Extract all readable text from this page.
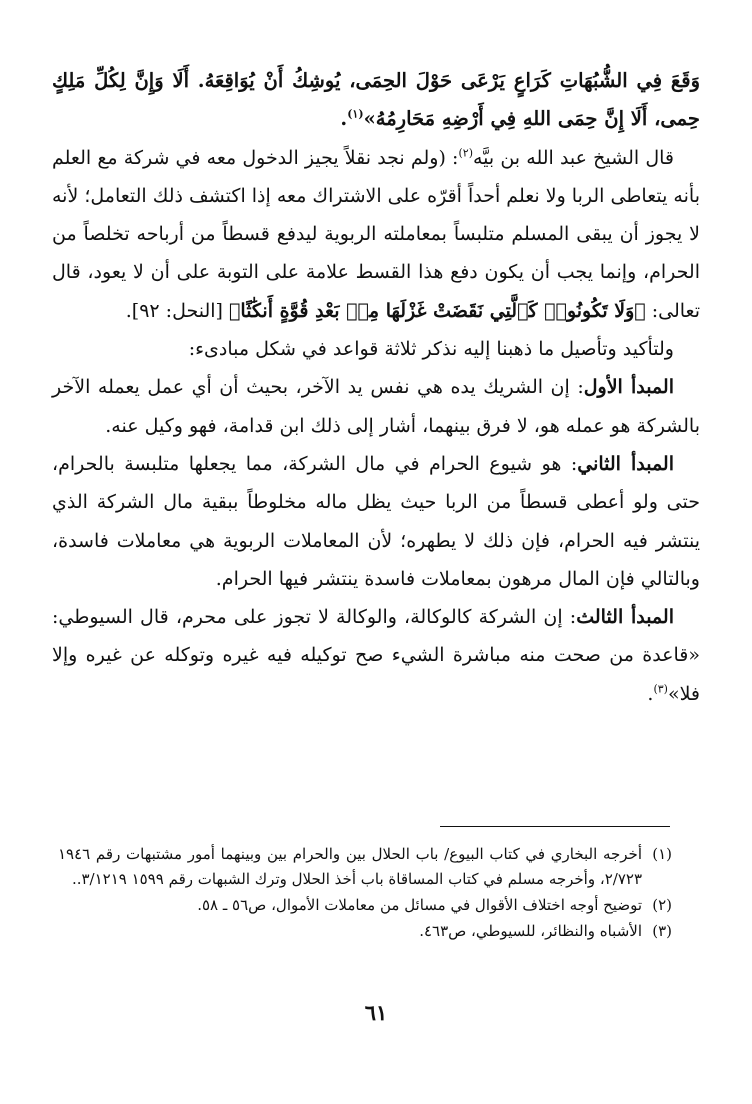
وَقَعَ فِي الشُّبُهَاتِ كَرَاعٍ يَرْعَى حَوْلَ الحِمَى، يُوشِكُ أَنْ يُوَاقِعَهُ. أَلَا وَإِنَّ لِكُلِّ مَلِكٍ حِمى، أَلَا إِنَّ حِمَى اللهِ فِي أَرْضِهِ مَحَارِمُهُ»$^{(١)}$.

قال الشيخ عبد الله بن بيَّه$^{(٢)}$: (ولم نجد نقلاً يجيز الدخول معه في شركة مع العلم بأنه يتعاطى الربا ولا نعلم أحداً أقرّه على الاشتراك معه إذا اكتشف ذلك التعامل؛ لأنه لا يجوز أن يبقى المسلم متلبساً بمعاملته الربوية ليدفع قسطاً من أرباحه تخلصاً من الحرام، وإنما يجب أن يكون دفع هذا القسط علامة على التوبة على أن لا يعود، قال تعالى: ﴿وَلَا تَكُونُوا۟ كَٱلَّتِي نَقَضَتْ غَزْلَهَا مِنۢ بَعْدِ قُوَّةٍ أَنكَٰثًا﴾ [النحل: ٩٢].

ولتأكيد وتأصيل ما ذهبنا إليه نذكر ثلاثة قواعد في شكل مبادىء:

المبدأ الأول: إن الشريك يده هي نفس يد الآخر، بحيث أن أي عمل يعمله الآخر بالشركة هو عمله هو، لا فرق بينهما، أشار إلى ذلك ابن قدامة، فهو وكيل عنه.

المبدأ الثاني: هو شيوع الحرام في مال الشركة، مما يجعلها متلبسة بالحرام، حتى ولو أعطى قسطاً من الربا حيث يظل ماله مخلوطاً ببقية مال الشركة الذي ينتشر فيه الحرام، فإن ذلك لا يطهره؛ لأن المعاملات الربوية هي معاملات فاسدة، وبالتالي فإن المال مرهون بمعاملات فاسدة ينتشر فيها الحرام.

المبدأ الثالث: إن الشركة كالوكالة، والوكالة لا تجوز على محرم، قال السيوطي: «قاعدة من صحت منه مباشرة الشيء صح توكيله فيه غيره وتوكله عن غيره وإلا فلا»$^{(٣)}$.

(١)
أخرجه البخاري في كتاب البيوع/ باب الحلال بين والحرام بين وبينهما أمور مشتبهات رقم ١٩٤٦ ٢/٧٢٣، وأخرجه مسلم في كتاب المساقاة باب أخذ الحلال وترك الشبهات رقم ١٥٩٩ ٣/١٢١٩..

(٢)
توضيح أوجه اختلاف الأقوال في مسائل من معاملات الأموال، ص٥٦ ـ ٥٨.

(٣)
الأشباه والنظائر، للسيوطي، ص٤٦٣.

٦١
